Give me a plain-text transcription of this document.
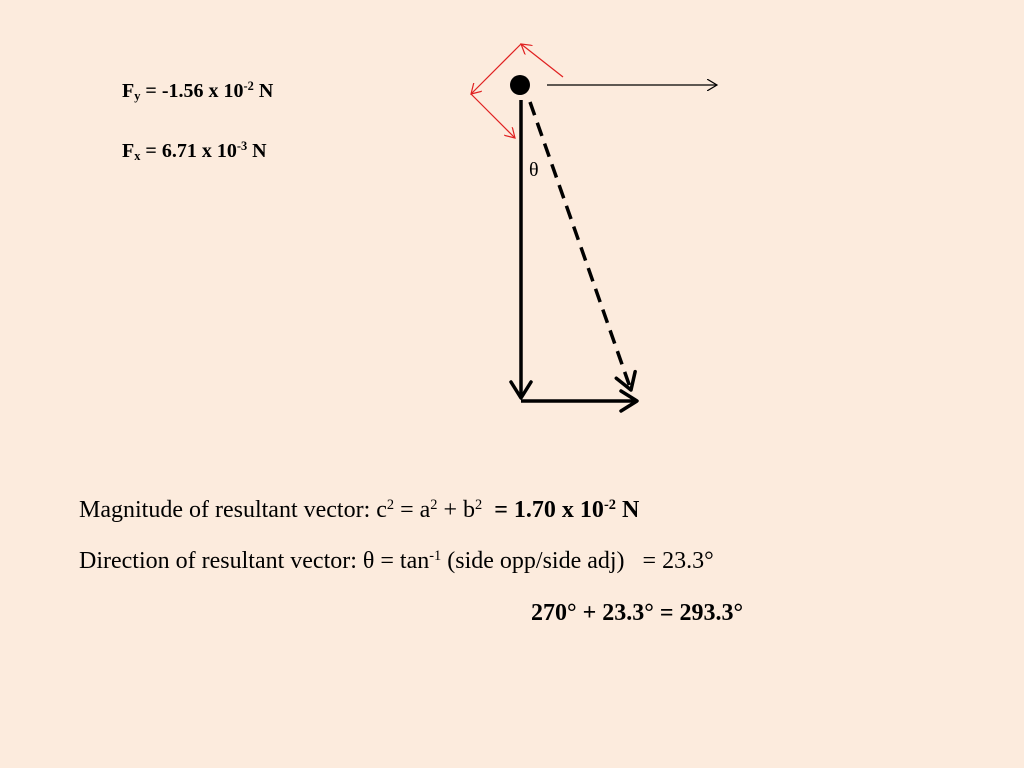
$F_y = -1.56$ x $10^{-2}$ N
$F_x = 6.71$ x $10^{-3}$ N
θ
Magnitude of resultant vector: $c^2 = a^2 + b^2 = 1.70$ x $10^{-2}$ N
Direction of resultant vector: $\theta = \tan^{-1}$ (side opp/side adj)   = 23.3°
270° + 23.3° = 293.3°
